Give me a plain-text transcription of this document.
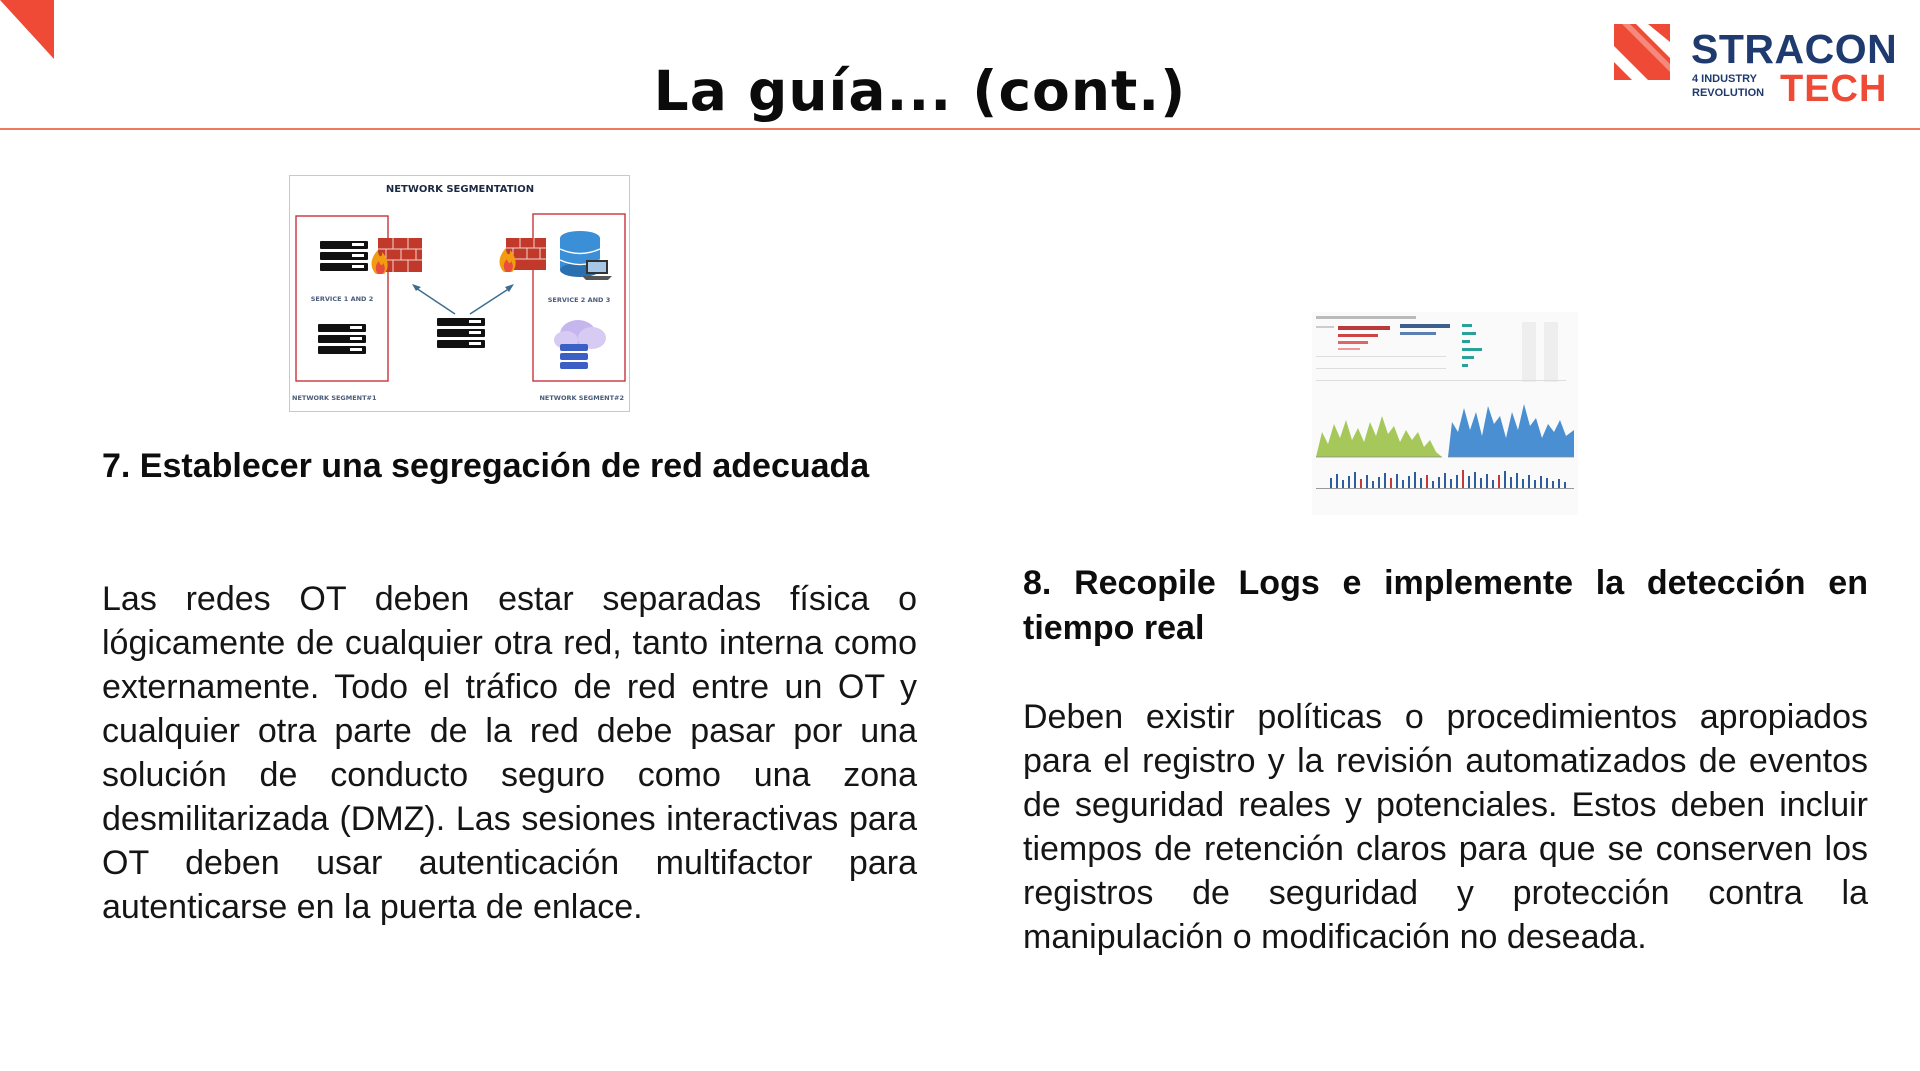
La guía... (cont.)
STRACON
4 INDUSTRY
REVOLUTION TECH
NETWORK SEGMENTATION
SERVICE 1 AND 2	SERVICE 2 AND 3
NETWORK SEGMENT#1	NETWORK SEGMENT#2
7. Establecer una segregación de red adecuada

Las redes OT deben estar separadas física o lógicamente de cualquier otra red, tanto interna como externamente. Todo el tráfico de red entre un OT y cualquier otra parte de la red debe pasar por una solución de conducto seguro como una zona desmilitarizada (DMZ). Las sesiones interactivas para OT deben usar autenticación multifactor para autenticarse en la puerta de enlace.

8. Recopile Logs e implemente la detección en tiempo real

Deben existir políticas o procedimientos apropiados para el registro y la revisión automatizados de eventos de seguridad reales y potenciales. Estos deben incluir tiempos de retención claros para que se conserven los registros de seguridad y protección contra la manipulación o modificación no deseada.
